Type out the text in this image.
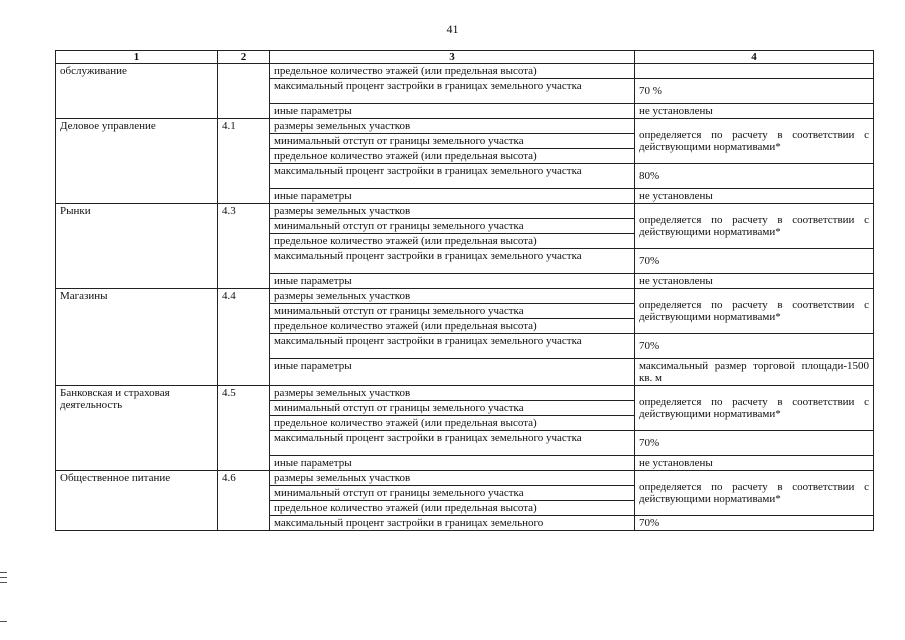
41
1	2	3	4
обслуживание		предельное количество этажей (или предельная высота)	
		максимальный процент застройки в границах земельного участка	70 %
		иные параметры	не установлены
Деловое управление	4.1	размеры земельных участков	определяется по расчету в соответствии с действующими нормативами*
		минимальный отступ от границы земельного участка	
		предельное количество этажей (или предельная высота)	
		максимальный процент застройки в границах земельного участка	80%
		иные параметры	не установлены
Рынки	4.3	размеры земельных участков	определяется по расчету в соответствии с действующими нормативами*
		минимальный отступ от границы земельного участка	
		предельное количество этажей (или предельная высота)	
		максимальный процент застройки в границах земельного участка	70%
		иные параметры	не установлены
Магазины	4.4	размеры земельных участков	определяется по расчету в соответствии с действующими нормативами*
		минимальный отступ от границы земельного участка	
		предельное количество этажей (или предельная высота)	
		максимальный процент застройки в границах земельного участка	70%
		иные параметры	максимальный размер торговой площади-1500 кв. м
Банковская и страховая деятельность	4.5	размеры земельных участков	определяется по расчету в соответствии с действующими нормативами*
		минимальный отступ от границы земельного участка	
		предельное количество этажей (или предельная высота)	
		максимальный процент застройки в границах земельного участка	70%
		иные параметры	не установлены
Общественное питание	4.6	размеры земельных участков	определяется по расчету в соответствии с действующими нормативами*
		минимальный отступ от границы земельного участка	
		предельное количество этажей (или предельная высота)	
		максимальный процент застройки в границах земельного	70%
